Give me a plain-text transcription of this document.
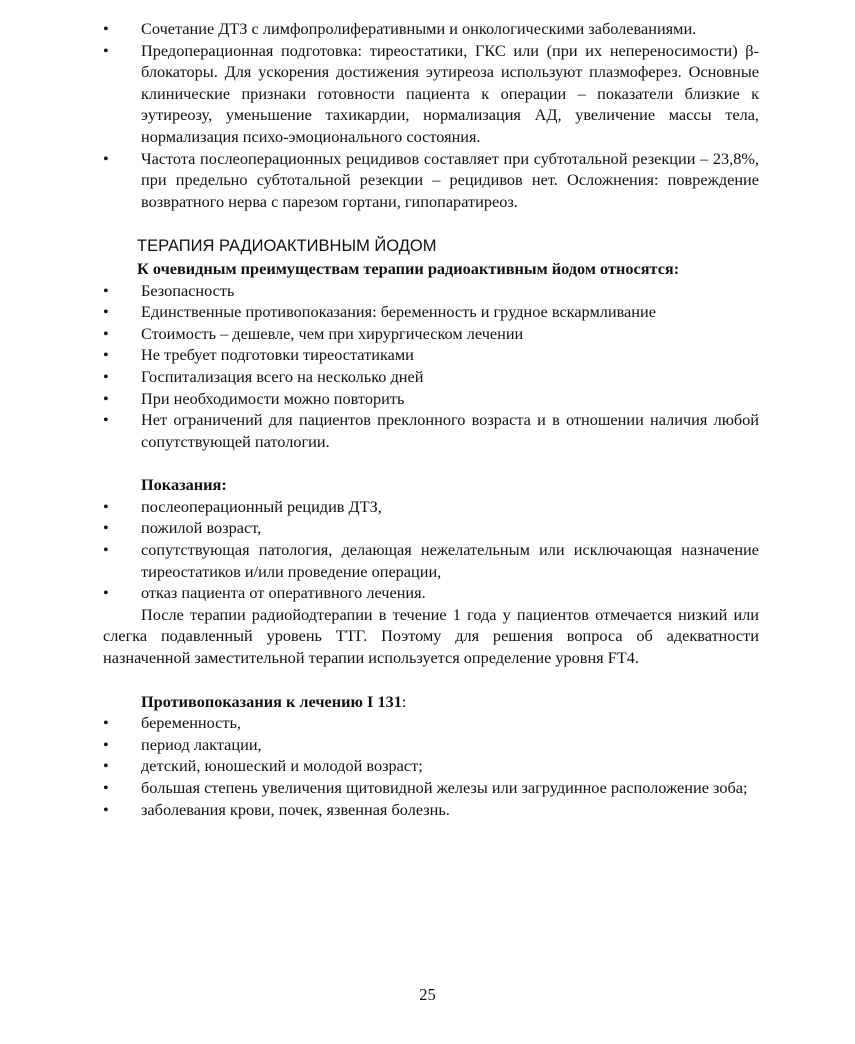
• Сочетание ДТЗ с лимфопролиферативными и онкологическими заболеваниями.
• Предоперационная подготовка: тиреостатики, ГКС или (при их непереносимости) β-блокаторы. Для ускорения достижения эутиреоза используют плазмоферез. Основные клинические признаки готовности пациента к операции – показатели близкие к эутиреозу, уменьшение тахикардии, нормализация АД, увеличение массы тела, нормализация психо-эмоционального состояния.
• Частота послеоперационных рецидивов составляет при субтотальной резекции – 23,8%, при предельно субтотальной резекции – рецидивов нет. Осложнения: повреждение возвратного нерва с парезом гортани, гипопаратиреоз.
ТЕРАПИЯ РАДИОАКТИВНЫМ ЙОДОМ
К очевидным преимуществам терапии радиоактивным йодом относятся:
• Безопасность
• Единственные противопоказания: беременность и грудное вскармливание
• Стоимость – дешевле, чем при хирургическом лечении
• Не требует подготовки тиреостатиками
• Госпитализация всего на несколько дней
• При необходимости можно повторить
• Нет ограничений для пациентов преклонного возраста и в отношении наличия любой сопутствующей патологии.
Показания:
• послеоперационный рецидив ДТЗ,
• пожилой возраст,
• сопутствующая патология, делающая нежелательным или исключающая назначение тиреостатиков и/или проведение операции,
• отказ пациента от оперативного лечения.
После терапии радиойодтерапии в течение 1 года у пациентов отмечается низкий или слегка подавленный уровень ТТГ. Поэтому для решения вопроса об адекватности назначенной заместительной терапии используется определение уровня FT4.
Противопоказания к лечению I 131:
• беременность,
• период лактации,
• детский, юношеский и молодой возраст;
• большая степень увеличения щитовидной железы или загрудинное расположение зоба;
• заболевания крови, почек, язвенная болезнь.
25
